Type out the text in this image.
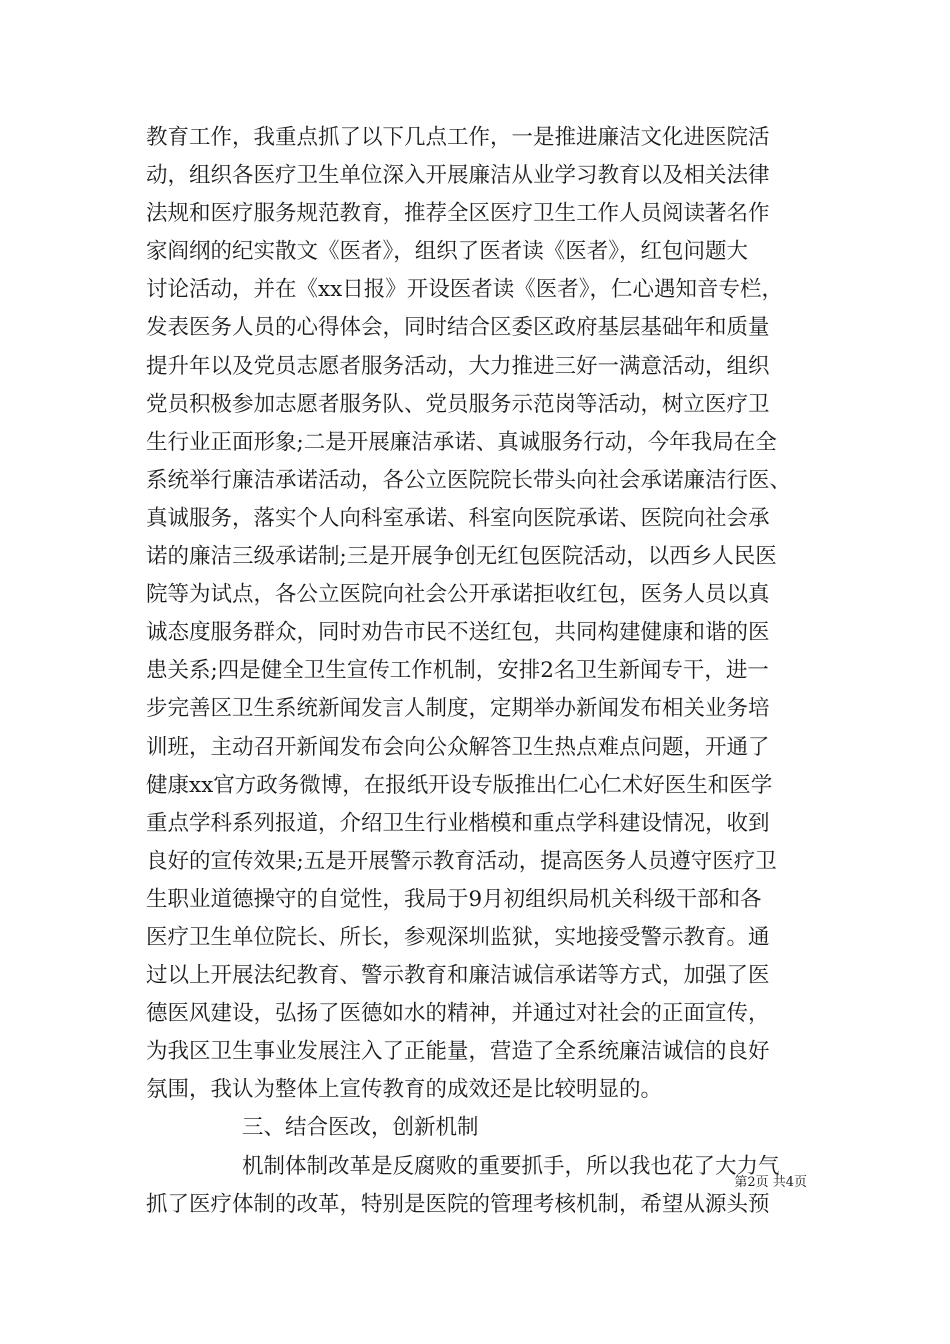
教育工作，我重点抓了以下几点工作，一是推进廉洁文化进医院活
动，组织各医疗卫生单位深入开展廉洁从业学习教育以及相关法律
法规和医疗服务规范教育，推荐全区医疗卫生工作人员阅读著名作
家阎纲的纪实散文《医者》，组织了医者读《医者》，红包问题大
讨论活动，并在《xx日报》开设医者读《医者》，仁心遇知音专栏，
发表医务人员的心得体会，同时结合区委区政府基层基础年和质量
提升年以及党员志愿者服务活动，大力推进三好一满意活动，组织
党员积极参加志愿者服务队、党员服务示范岗等活动，树立医疗卫
生行业正面形象;二是开展廉洁承诺、真诚服务行动，今年我局在全
系统举行廉洁承诺活动，各公立医院院长带头向社会承诺廉洁行医、
真诚服务，落实个人向科室承诺、科室向医院承诺、医院向社会承
诺的廉洁三级承诺制;三是开展争创无红包医院活动，以西乡人民医
院等为试点，各公立医院向社会公开承诺拒收红包，医务人员以真
诚态度服务群众，同时劝告市民不送红包，共同构建健康和谐的医
患关系;四是健全卫生宣传工作机制，安排2名卫生新闻专干，进一
步完善区卫生系统新闻发言人制度，定期举办新闻发布相关业务培
训班，主动召开新闻发布会向公众解答卫生热点难点问题，开通了
健康xx官方政务微博，在报纸开设专版推出仁心仁术好医生和医学
重点学科系列报道，介绍卫生行业楷模和重点学科建设情况，收到
良好的宣传效果;五是开展警示教育活动，提高医务人员遵守医疗卫
生职业道德操守的自觉性，我局于9月初组织局机关科级干部和各
医疗卫生单位院长、所长，参观深圳监狱，实地接受警示教育。通
过以上开展法纪教育、警示教育和廉洁诚信承诺等方式，加强了医
德医风建设，弘扬了医德如水的精神，并通过对社会的正面宣传，
为我区卫生事业发展注入了正能量，营造了全系统廉洁诚信的良好
氛围，我认为整体上宣传教育的成效还是比较明显的。
三、结合医改，创新机制
机制体制改革是反腐败的重要抓手，所以我也花了大力气
抓了医疗体制的改革，特别是医院的管理考核机制，希望从源头预
第2页 共4页
